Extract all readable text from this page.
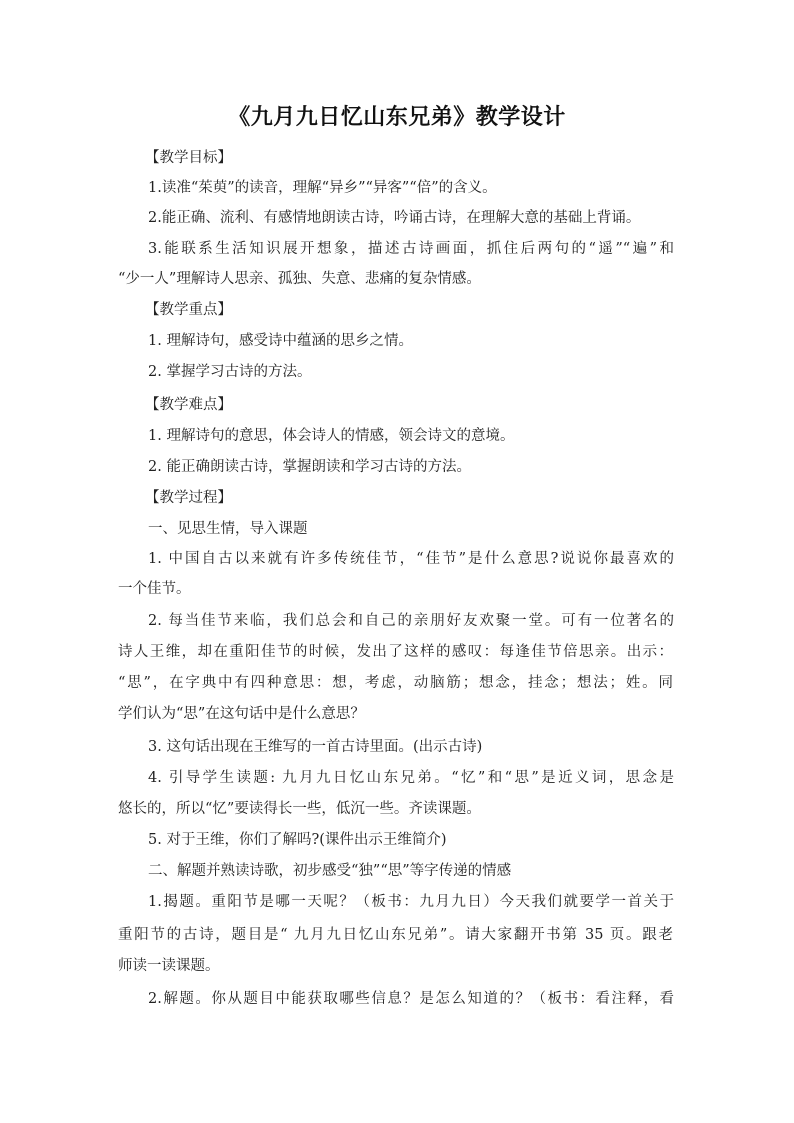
《九月九日忆山东兄弟》教学设计
【教学目标】
1.读准“茱萸”的读音，理解“异乡”“异客”“倍”的含义。
2.能正确、流利、有感情地朗读古诗，吟诵古诗，在理解大意的基础上背诵。
3.能联系生活知识展开想象，描述古诗画面，抓住后两句的“遥”“遍”和
“少一人”理解诗人思亲、孤独、失意、悲痛的复杂情感。
【教学重点】
1. 理解诗句，感受诗中蕴涵的思乡之情。
2. 掌握学习古诗的方法。
【教学难点】
1. 理解诗句的意思，体会诗人的情感，领会诗文的意境。
2. 能正确朗读古诗，掌握朗读和学习古诗的方法。
【教学过程】
一、见思生情，导入课题
1. 中国自古以来就有许多传统佳节，“佳节”是什么意思?说说你最喜欢的
一个佳节。
2. 每当佳节来临，我们总会和自己的亲朋好友欢聚一堂。可有一位著名的
诗人王维，却在重阳佳节的时候，发出了这样的感叹：每逢佳节倍思亲。出示：
“思”，在字典中有四种意思：想，考虑，动脑筋；想念，挂念；想法；姓。同
学们认为“思”在这句话中是什么意思？
3. 这句话出现在王维写的一首古诗里面。(出示古诗)
4. 引导学生读题: 九月九日忆山东兄弟。“忆”和“思”是近义词，思念是
悠长的，所以“忆”要读得长一些，低沉一些。齐读课题。
5. 对于王维，你们了解吗?(课件出示王维简介)
二、解题并熟读诗歌，初步感受“独”“思”等字传递的情感
1.揭题。重阳节是哪一天呢？（板书：九月九日）今天我们就要学一首关于
重阳节的古诗，题目是“ 九月九日忆山东兄弟”。请大家翻开书第 35 页。跟老
师读一读课题。
2.解题。你从题目中能获取哪些信息？是怎么知道的？（板书：看注释，看
